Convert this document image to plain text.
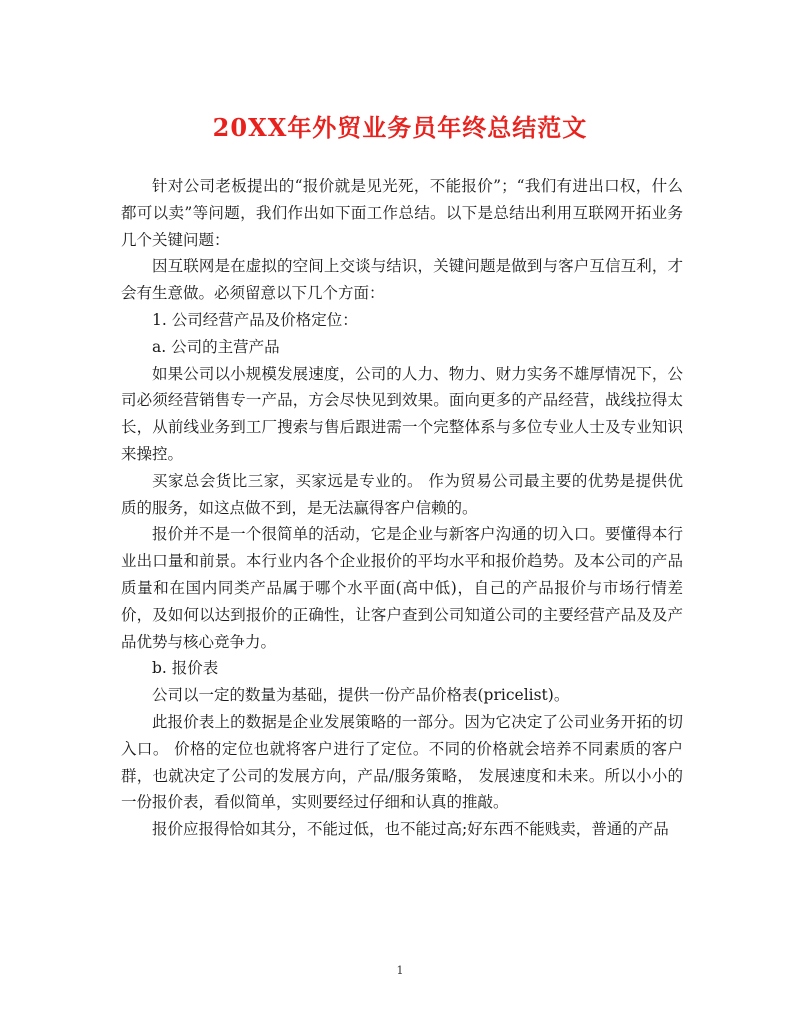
20XX年外贸业务员年终总结范文

针对公司老板提出的“报价就是见光死，不能报价”；“我们有进出口权，什么都可以卖”等问题，我们作出如下面工作总结。以下是总结出利用互联网开拓业务几个关键问题：

因互联网是在虚拟的空间上交谈与结识，关键问题是做到与客户互信互利，才会有生意做。必须留意以下几个方面：

1. 公司经营产品及价格定位：

a. 公司的主营产品

如果公司以小规模发展速度，公司的人力、物力、财力实务不雄厚情况下，公司必须经营销售专一产品，方会尽快见到效果。面向更多的产品经营，战线拉得太长，从前线业务到工厂搜索与售后跟进需一个完整体系与多位专业人士及专业知识来操控。

买家总会货比三家，买家远是专业的。 作为贸易公司最主要的优势是提供优质的服务，如这点做不到，是无法赢得客户信赖的。

报价并不是一个很简单的活动，它是企业与新客户沟通的切入口。要懂得本行业出口量和前景。本行业内各个企业报价的平均水平和报价趋势。及本公司的产品质量和在国内同类产品属于哪个水平面(高中低)，自己的产品报价与市场行情差价，及如何以达到报价的正确性，让客户查到公司知道公司的主要经营产品及及产品优势与核心竞争力。

b. 报价表

公司以一定的数量为基础，提供一份产品价格表(pricelist)。

此报价表上的数据是企业发展策略的一部分。因为它决定了公司业务开拓的切入口。 价格的定位也就将客户进行了定位。不同的价格就会培养不同素质的客户群，也就决定了公司的发展方向，产品/服务策略， 发展速度和未来。所以小小的一份报价表，看似简单，实则要经过仔细和认真的推敲。

报价应报得恰如其分，不能过低，也不能过高;好东西不能贱卖，普通的产品

1
